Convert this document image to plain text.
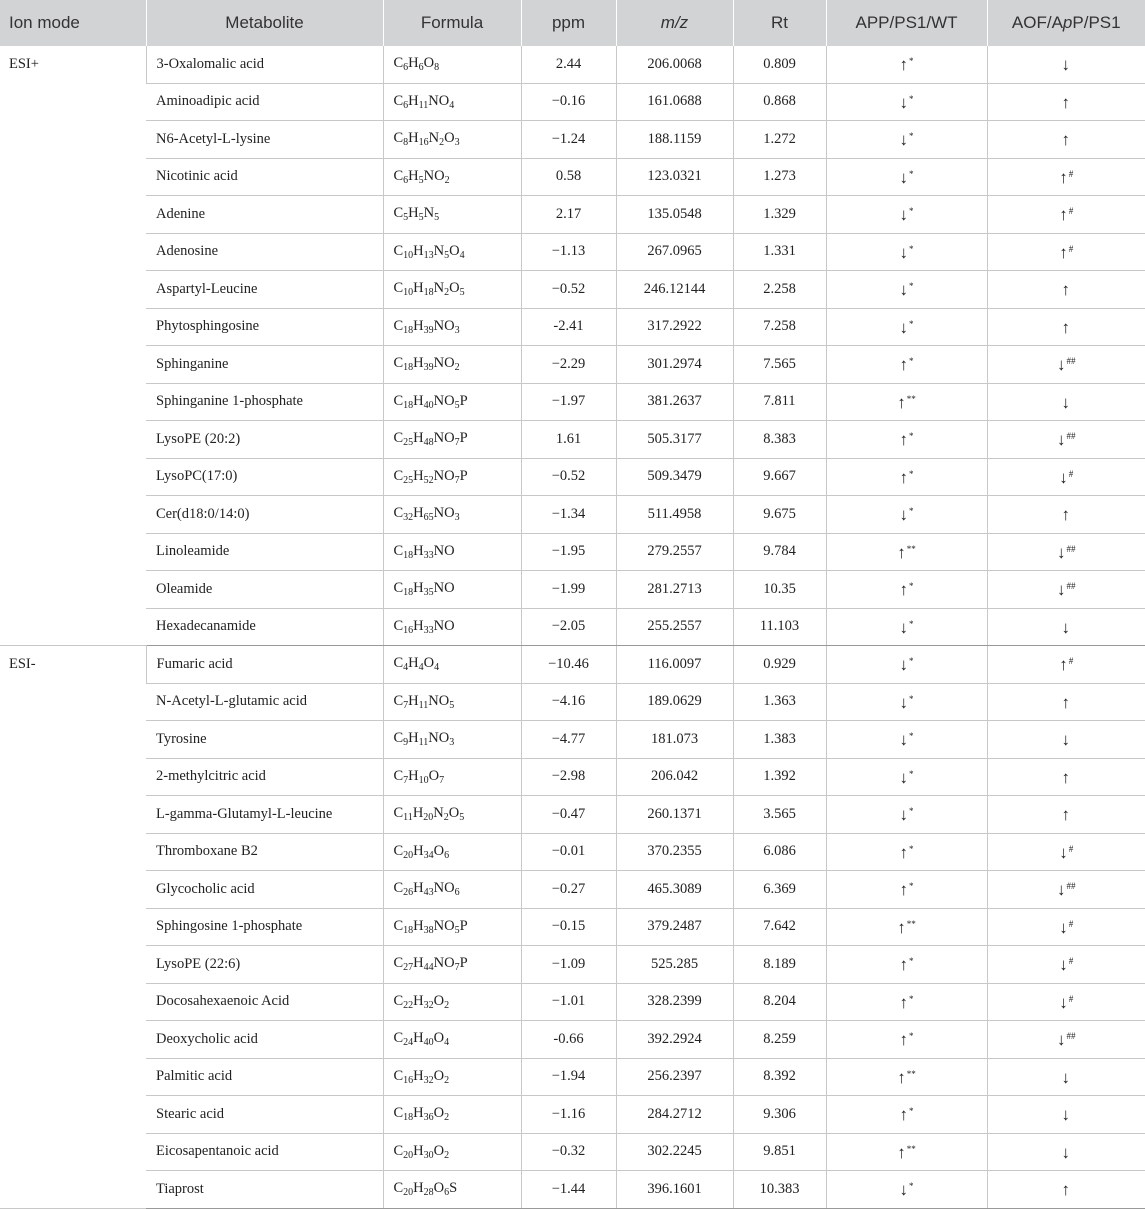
Ion mode	Metabolite	Formula	ppm	m/z	Rt	APP/PS1/WT	AOF/ApP/PS1
ESI+	3-Oxalomalic acid	$C_6H_6O_8$	2.44	206.0068	0.809	↑*	↓
	Aminoadipic acid	$C_6H_{11}NO_4$	−0.16	161.0688	0.868	↓*	↑
	N6-Acetyl-L-lysine	$C_8H_{16}N_2O_3$	−1.24	188.1159	1.272	↓*	↑
	Nicotinic acid	$C_6H_5NO_2$	0.58	123.0321	1.273	↓*	↑#
	Adenine	$C_5H_5N_5$	2.17	135.0548	1.329	↓*	↑#
	Adenosine	$C_{10}H_{13}N_5O_4$	−1.13	267.0965	1.331	↓*	↑#
	Aspartyl-Leucine	$C_{10}H_{18}N_2O_5$	−0.52	246.12144	2.258	↓*	↑
	Phytosphingosine	$C_{18}H_{39}NO_3$	-2.41	317.2922	7.258	↓*	↑
	Sphinganine	$C_{18}H_{39}NO_2$	−2.29	301.2974	7.565	↑*	↓##
	Sphinganine 1-phosphate	$C_{18}H_{40}NO_5P$	−1.97	381.2637	7.811	↑**	↓
	LysoPE (20:2)	$C_{25}H_{48}NO_7P$	1.61	505.3177	8.383	↑*	↓##
	LysoPC(17:0)	$C_{25}H_{52}NO_7P$	−0.52	509.3479	9.667	↑*	↓#
	Cer(d18:0/14:0)	$C_{32}H_{65}NO_3$	−1.34	511.4958	9.675	↓*	↑
	Linoleamide	$C_{18}H_{33}NO$	−1.95	279.2557	9.784	↑**	↓##
	Oleamide	$C_{18}H_{35}NO$	−1.99	281.2713	10.35	↑*	↓##
	Hexadecanamide	$C_{16}H_{33}NO$	−2.05	255.2557	11.103	↓*	↓
ESI-	Fumaric acid	$C_4H_4O_4$	−10.46	116.0097	0.929	↓*	↑#
	N-Acetyl-L-glutamic acid	$C_7H_{11}NO_5$	−4.16	189.0629	1.363	↓*	↑
	Tyrosine	$C_9H_{11}NO_3$	−4.77	181.073	1.383	↓*	↓
	2-methylcitric acid	$C_7H_{10}O_7$	−2.98	206.042	1.392	↓*	↑
	L-gamma-Glutamyl-L-leucine	$C_{11}H_{20}N_2O_5$	−0.47	260.1371	3.565	↓*	↑
	Thromboxane B2	$C_{20}H_{34}O_6$	−0.01	370.2355	6.086	↑*	↓#
	Glycocholic acid	$C_{26}H_{43}NO_6$	−0.27	465.3089	6.369	↑*	↓##
	Sphingosine 1-phosphate	$C_{18}H_{38}NO_5P$	−0.15	379.2487	7.642	↑**	↓#
	LysoPE (22:6)	$C_{27}H_{44}NO_7P$	−1.09	525.285	8.189	↑*	↓#
	Docosahexaenoic Acid	$C_{22}H_{32}O_2$	−1.01	328.2399	8.204	↑*	↓#
	Deoxycholic acid	$C_{24}H_{40}O_4$	-0.66	392.2924	8.259	↑*	↓##
	Palmitic acid	$C_{16}H_{32}O_2$	−1.94	256.2397	8.392	↑**	↓
	Stearic acid	$C_{18}H_{36}O_2$	−1.16	284.2712	9.306	↑*	↓
	Eicosapentanoic acid	$C_{20}H_{30}O_2$	−0.32	302.2245	9.851	↑**	↓
	Tiaprost	$C_{20}H_{28}O_6S$	−1.44	396.1601	10.383	↓*	↑
